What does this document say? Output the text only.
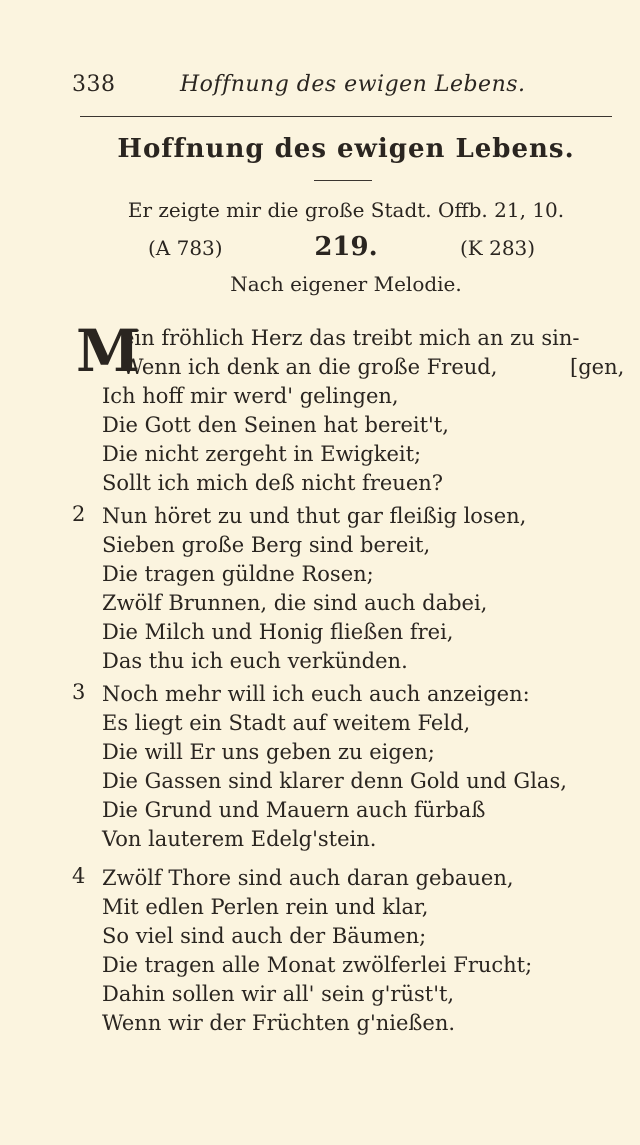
338	Hoffnung des ewigen Lebens.
Hoffnung des ewigen Lebens.
Er zeigte mir die große Stadt. Offb. 21, 10.
(A 783)	219.	(K 283)
Nach eigener Melodie.
M
ein fröhlich Herz das treibt mich an zu sin-
Wenn ich denk an die große Freud,	[gen,
Ich hoff mir werd' gelingen,
Die Gott den Seinen hat bereit't,
Die nicht zergeht in Ewigkeit;
Sollt ich mich deß nicht freuen?
2 Nun höret zu und thut gar fleißig losen,
Sieben große Berg sind bereit,
Die tragen güldne Rosen;
Zwölf Brunnen, die sind auch dabei,
Die Milch und Honig fließen frei,
Das thu ich euch verkünden.
3 Noch mehr will ich euch auch anzeigen:
Es liegt ein Stadt auf weitem Feld,
Die will Er uns geben zu eigen;
Die Gassen sind klarer denn Gold und Glas,
Die Grund und Mauern auch fürbaß
Von lauterem Edelg'stein.
4 Zwölf Thore sind auch daran gebauen,
Mit edlen Perlen rein und klar,
So viel sind auch der Bäumen;
Die tragen alle Monat zwölferlei Frucht;
Dahin sollen wir all' sein g'rüst't,
Wenn wir der Früchten g'nießen.
